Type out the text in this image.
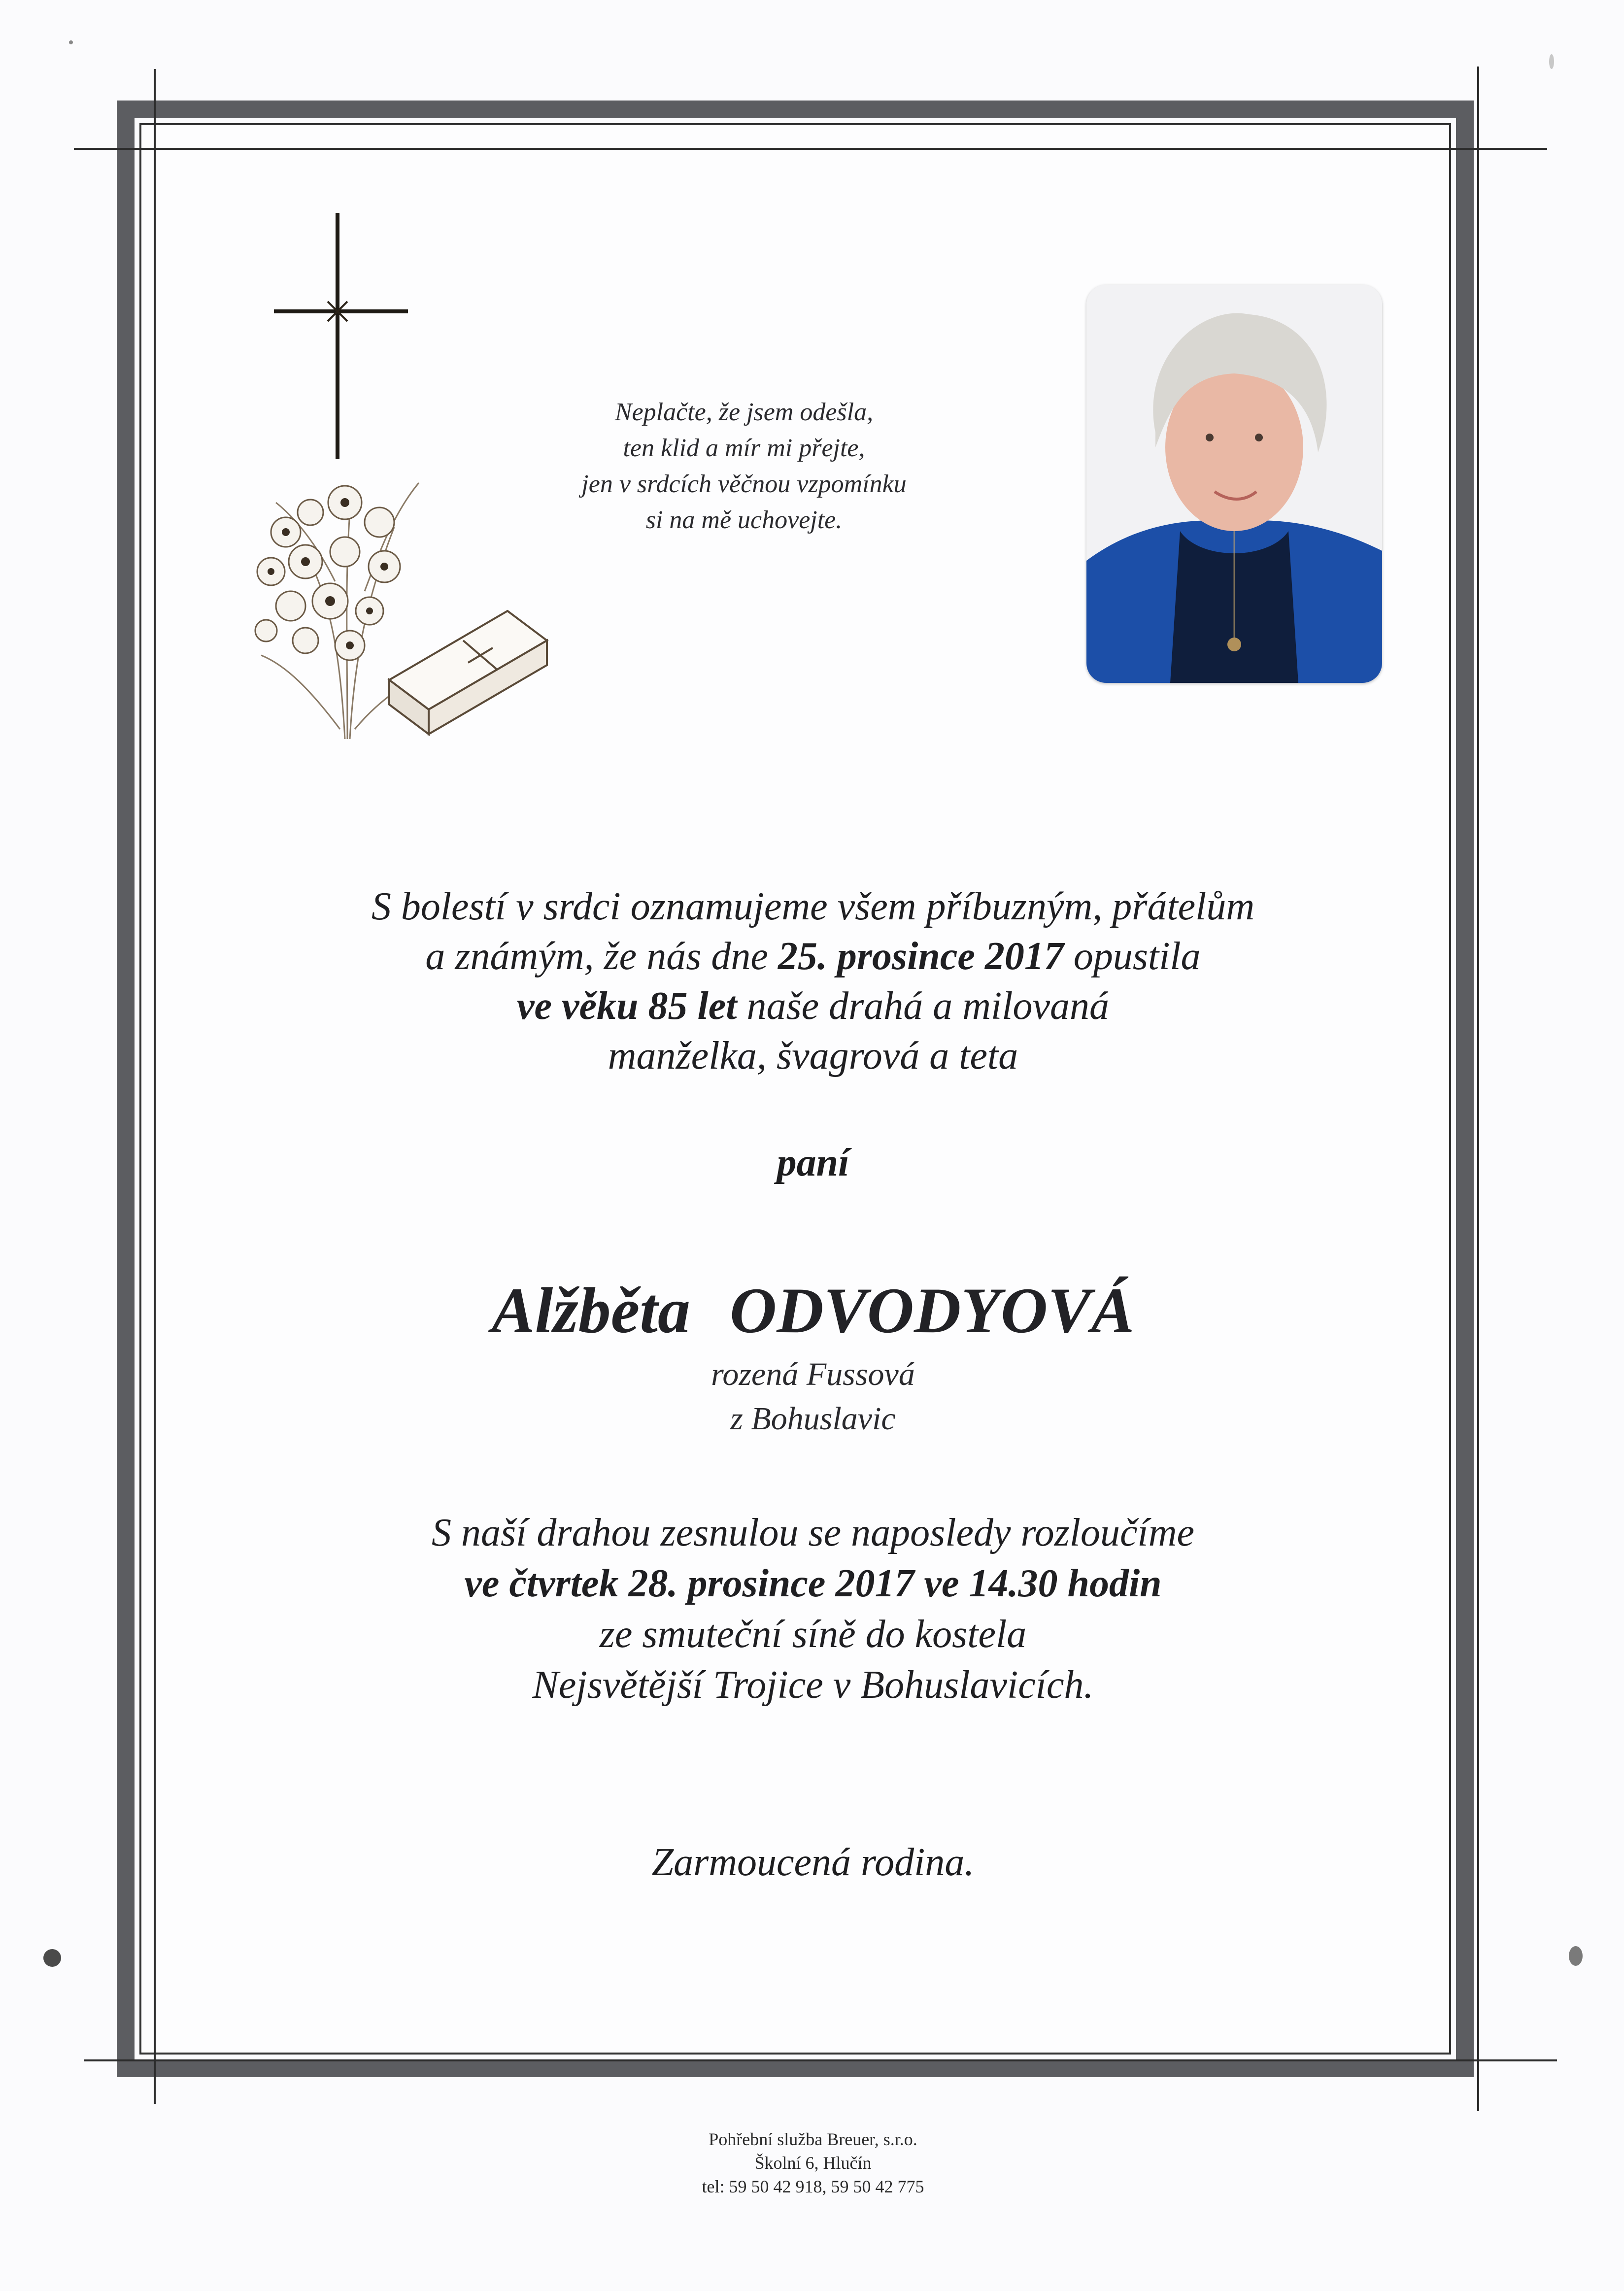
Neplačte, že jsem odešla,
ten klid a mír mi přejte,
jen v srdcích věčnou vzpomínku
si na mě uchovejte.
S bolestí v srdci oznamujeme všem příbuzným, přátelům
a známým, že nás dne 25. prosince 2017 opustila
ve věku 85 let naše drahá a milovaná
manželka, švagrová a teta
paní
Alžběta ODVODYOVÁ
rozená Fussová
z Bohuslavic
S naší drahou zesnulou se naposledy rozloučíme
ve čtvrtek 28. prosince 2017 ve 14.30 hodin
ze smuteční síně do kostela
Nejsvětější Trojice v Bohuslavicích.
Zarmoucená rodina.
Pohřební služba Breuer, s.r.o.
Školní 6, Hlučín
tel: 59 50 42 918, 59 50 42 775
